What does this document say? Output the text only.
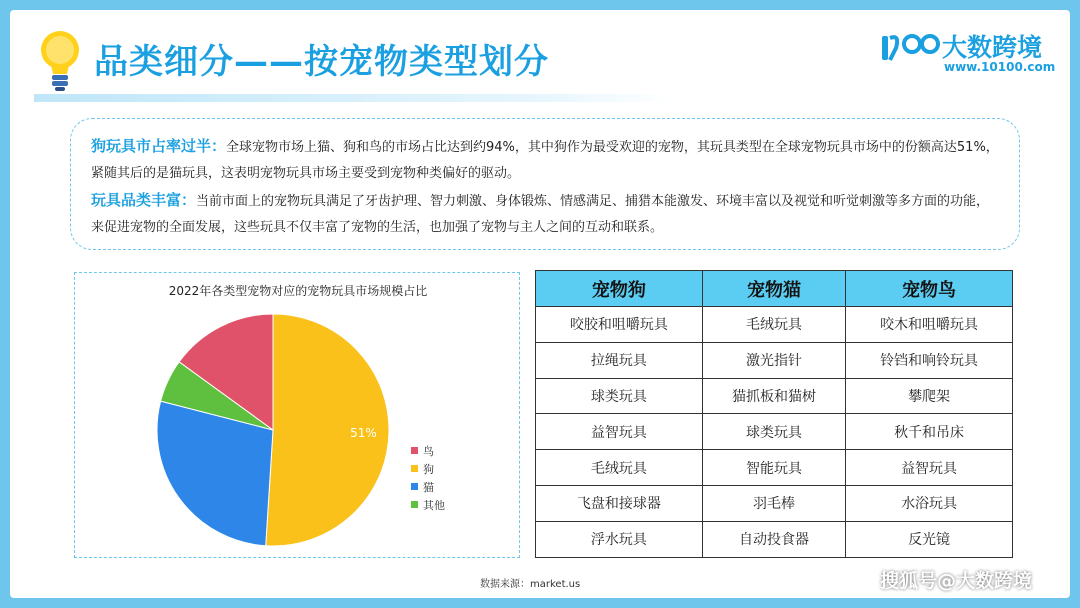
品类细分——按宠物类型划分	大数跨境
www.10100.com

狗玩具市占率过半：全球宠物市场上猫、狗和鸟的市场占比达到约94%，其中狗作为最受欢迎的宠物，其玩具类型在全球宠物玩具市场中的份额高达51%，紧随其后的是猫玩具，这表明宠物玩具市场主要受到宠物种类偏好的驱动。

玩具品类丰富：当前市面上的宠物玩具满足了牙齿护理、智力刺激、身体锻炼、情感满足、捕猎本能激发、环境丰富以及视觉和听觉刺激等多方面的功能，来促进宠物的全面发展，这些玩具不仅丰富了宠物的生活，也加强了宠物与主人之间的互动和联系。

2022年各类型宠物对应的宠物玩具市场规模占比
51%
鸟
狗
猫
其他
宠物狗	宠物猫	宠物鸟
咬胶和咀嚼玩具	毛绒玩具	咬木和咀嚼玩具
拉绳玩具	激光指针	铃铛和响铃玩具
球类玩具	猫抓板和猫树	攀爬架
益智玩具	球类玩具	秋千和吊床
毛绒玩具	智能玩具	益智玩具
飞盘和接球器	羽毛棒	水浴玩具
浮水玩具	自动投食器	反光镜
数据来源：market.us	搜狐号@大数跨境
